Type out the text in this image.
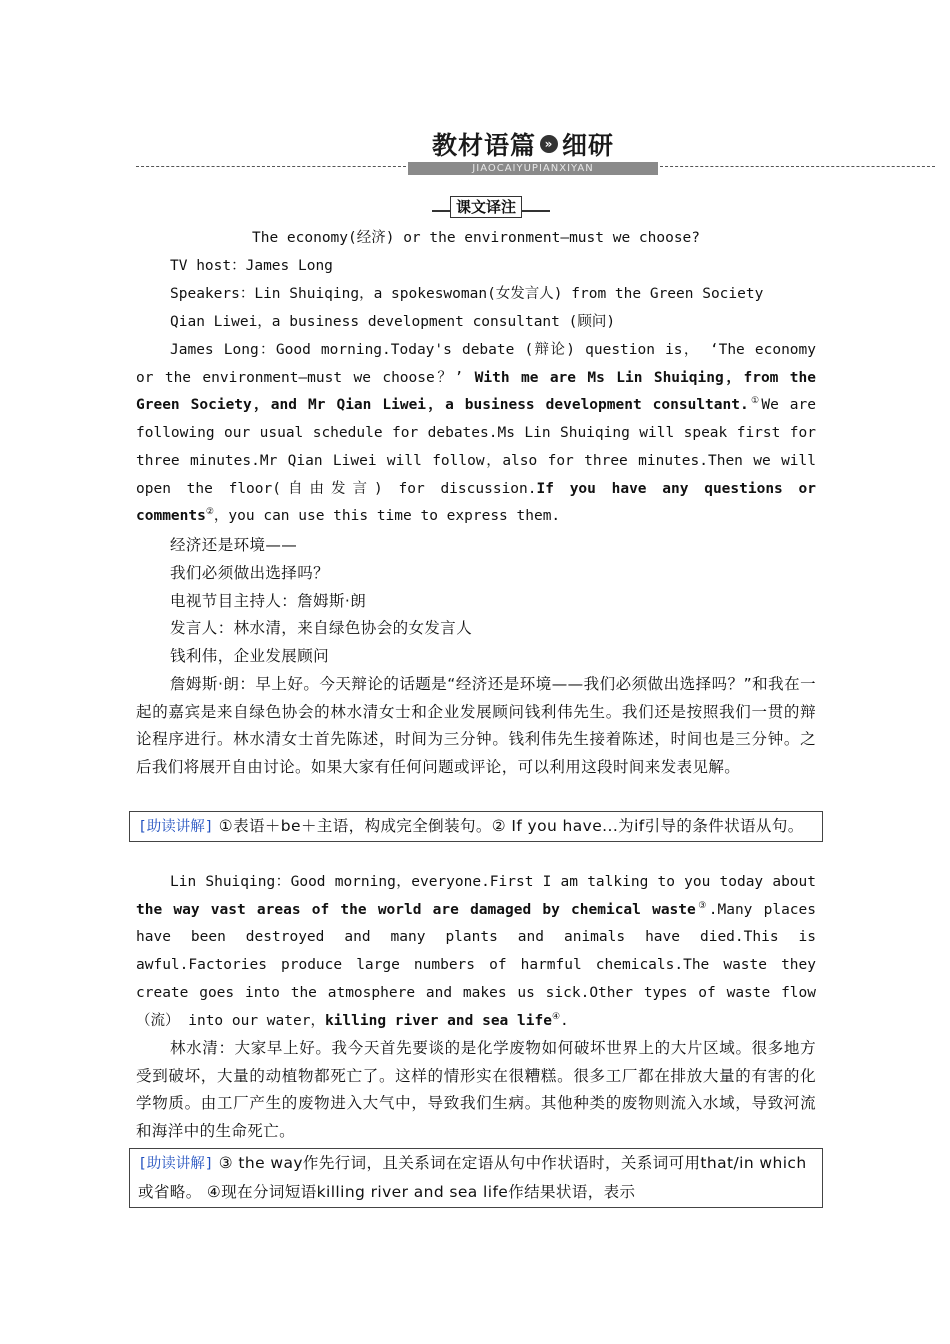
教材语篇 » 细研
JIAOCAIYUPIANXIYAN
课文译注
The economy(经济) or the environment—must we choose?
TV host：James Long
Speakers：Lin Shuiqing，a spokeswoman(女发言人) from the Green Society
Qian Liwei，a business development consultant (顾问)
James Long：Good morning.Today's debate (辩论) question is， ‘The economy or the environment—must we choose？’ With me are Ms Lin Shuiqing，from the Green Society，and Mr Qian Liwei，a business development consultant.①We are following our usual schedule for debates.Ms Lin Shuiqing will speak first for three minutes.Mr Qian Liwei will follow，also for three minutes.Then we will open the floor(自由发言) for discussion.If you have any questions or comments②，you can use this time to express them.
经济还是环境——
我们必须做出选择吗？
电视节目主持人：詹姆斯·朗
发言人：林水清，来自绿色协会的女发言人
钱利伟，企业发展顾问
詹姆斯·朗：早上好。今天辩论的话题是“经济还是环境——我们必须做出选择吗？”和我在一起的嘉宾是来自绿色协会的林水清女士和企业发展顾问钱利伟先生。我们还是按照我们一贯的辩论程序进行。林水清女士首先陈述，时间为三分钟。钱利伟先生接着陈述，时间也是三分钟。之后我们将展开自由讨论。如果大家有任何问题或评论，可以利用这段时间来发表见解。
[助读讲解] ①表语＋be＋主语，构成完全倒装句。② If you have...为if引导的条件状语从句。
Lin Shuiqing：Good morning，everyone.First I am talking to you today about the way vast areas of the world are damaged by chemical waste③.Many places have been destroyed and many plants and animals have died.This is awful.Factories produce large numbers of harmful chemicals.The waste they create goes into the atmosphere and makes us sick.Other types of waste flow （流） into our water，killing river and sea life④.
林水清：大家早上好。我今天首先要谈的是化学废物如何破坏世界上的大片区域。很多地方受到破坏，大量的动植物都死亡了。这样的情形实在很糟糕。很多工厂都在排放大量的有害的化学物质。由工厂产生的废物进入大气中，导致我们生病。其他种类的废物则流入水域，导致河流和海洋中的生命死亡。
[助读讲解] ③ the way作先行词，且关系词在定语从句中作状语时，关系词可用that/in which或省略。 ④现在分词短语killing river and sea life作结果状语，表示
